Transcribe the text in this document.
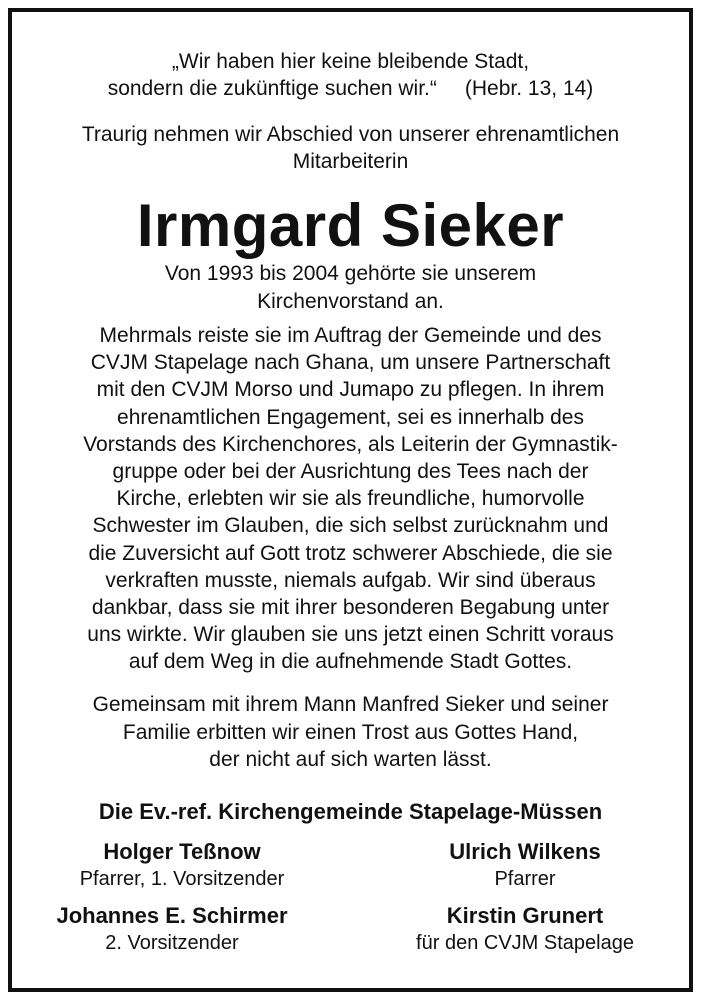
„Wir haben hier keine bleibende Stadt,
sondern die zukünftige suchen wir.“ (Hebr. 13, 14)
Traurig nehmen wir Abschied von unserer ehrenamtlichen
Mitarbeiterin
Irmgard Sieker
Von 1993 bis 2004 gehörte sie unserem
Kirchenvorstand an.
Mehrmals reiste sie im Auftrag der Gemeinde und des
CVJM Stapelage nach Ghana, um unsere Partnerschaft
mit den CVJM Morso und Jumapo zu pflegen. In ihrem
ehrenamtlichen Engagement, sei es innerhalb des
Vorstands des Kirchenchores, als Leiterin der Gymnastik-
gruppe oder bei der Ausrichtung des Tees nach der
Kirche, erlebten wir sie als freundliche, humorvolle
Schwester im Glauben, die sich selbst zurücknahm und
die Zuversicht auf Gott trotz schwerer Abschiede, die sie
verkraften musste, niemals aufgab. Wir sind überaus
dankbar, dass sie mit ihrer besonderen Begabung unter
uns wirkte. Wir glauben sie uns jetzt einen Schritt voraus
auf dem Weg in die aufnehmende Stadt Gottes.
Gemeinsam mit ihrem Mann Manfred Sieker und seiner
Familie erbitten wir einen Trost aus Gottes Hand,
der nicht auf sich warten lässt.
Die Ev.-ref. Kirchengemeinde Stapelage-Müssen
Holger Teßnow
Pfarrer, 1. Vorsitzender
Ulrich Wilkens
Pfarrer
Johannes E. Schirmer
2. Vorsitzender
Kirstin Grunert
für den CVJM Stapelage
